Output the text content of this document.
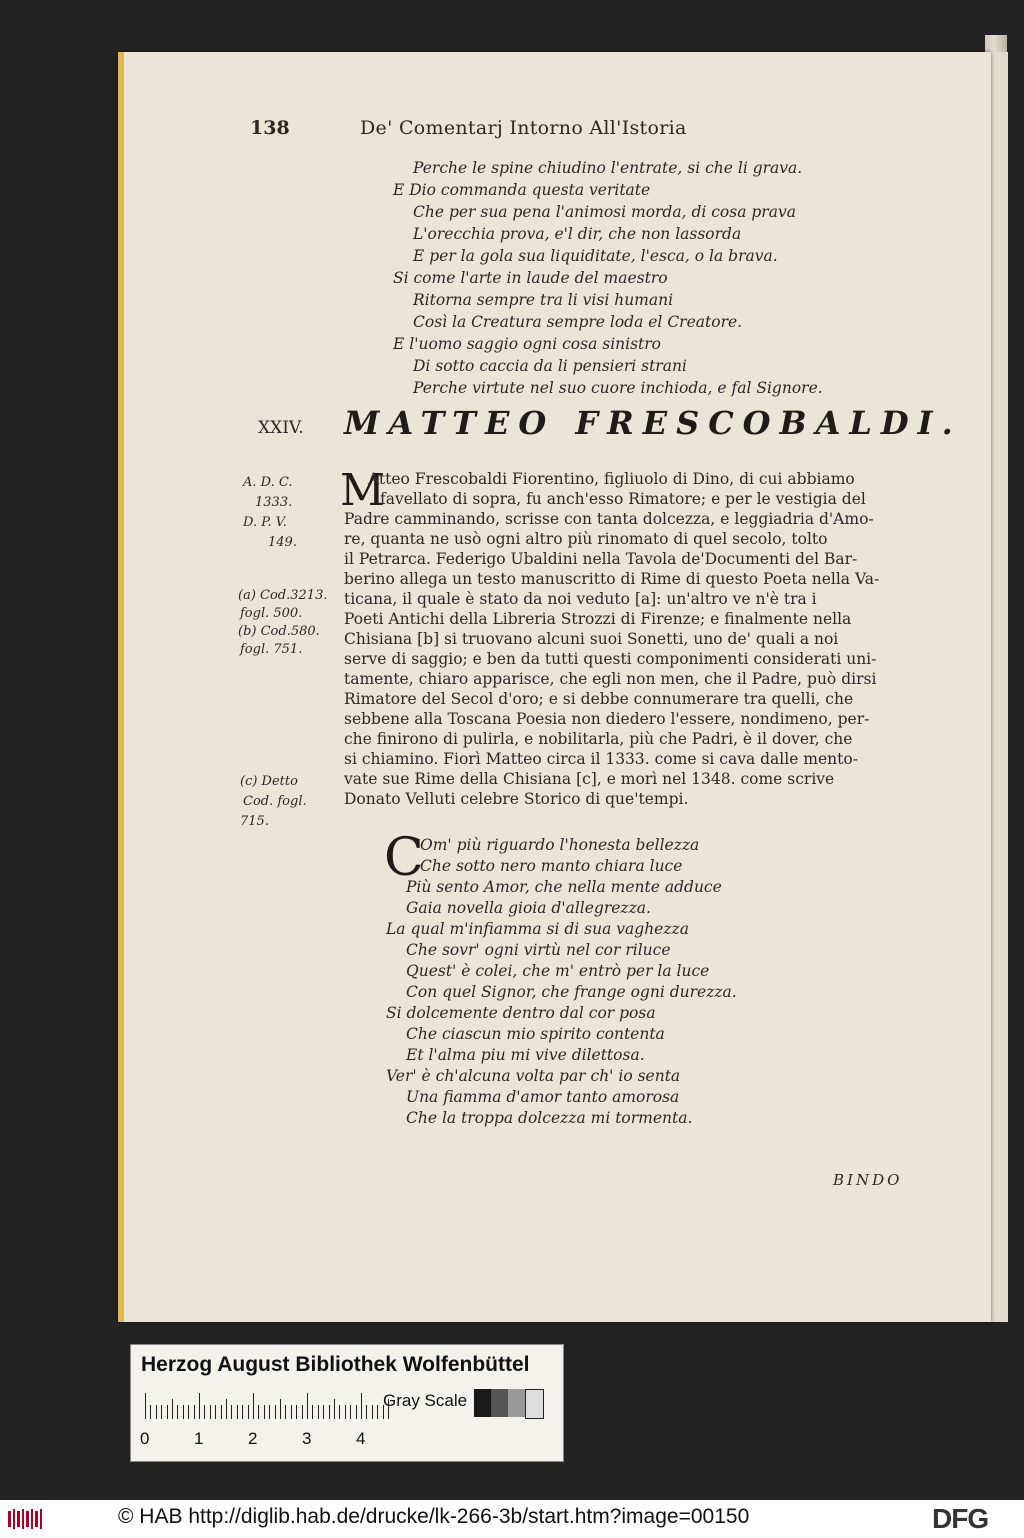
138	De' Comentarj Intorno All'Istoria
Perche le spine chiudino l'entrate, si che li grava.
E Dio commanda questa veritate
Che per sua pena l'animosi morda, di cosa prava
L'orecchia prova, e'l dir, che non lassorda
E per la gola sua liquiditate, l'esca, o la brava.
Si come l'arte in laude del maestro
Ritorna sempre tra li visi humani
Così la Creatura sempre loda el Creatore.
E l'uomo saggio ogni cosa sinistro
Di sotto caccia da li pensieri strani
Perche virtute nel suo cuore inchioda, e fal Signore.
XXIV. MATTEO FRESCOBALDI.
A. D. C.
1333.
D. P. V.
149.
(a) Cod.3213.
fogl. 500.
(b) Cod.580.
fogl. 751.
(c) Detto
Cod. fogl.
715.
M
Atteo Frescobaldi Fiorentino, figliuolo di Dino, di cui abbiamo
favellato di sopra, fu anch'esso Rimatore; e per le vestigia del
Padre camminando, scrisse con tanta dolcezza, e leggiadria d'Amo-
re, quanta ne usò ogni altro più rinomato di quel secolo, tolto
il Petrarca. Federigo Ubaldini nella Tavola de'Documenti del Bar-
berino allega un testo manuscritto di Rime di questo Poeta nella Va-
ticana, il quale è stato da noi veduto [a]: un'altro ve n'è tra i
Poeti Antichi della Libreria Strozzi di Firenze; e finalmente nella
Chisiana [b] si truovano alcuni suoi Sonetti, uno de' quali a noi
serve di saggio; e ben da tutti questi componimenti considerati uni-
tamente, chiaro apparisce, che egli non men, che il Padre, può dirsi
Rimatore del Secol d'oro; e si debbe connumerare tra quelli, che
sebbene alla Toscana Poesia non diedero l'essere, nondimeno, per-
che finirono di pulirla, e nobilitarla, più che Padri, è il dover, che
si chiamino. Fiorì Matteo circa il 1333. come si cava dalle mento-
vate sue Rime della Chisiana [c], e morì nel 1348. come scrive
Donato Velluti celebre Storico di que'tempi.
C
Om' più riguardo l'honesta bellezza
Che sotto nero manto chiara luce
Più sento Amor, che nella mente adduce
Gaia novella gioia d'allegrezza.
La qual m'infiamma si di sua vaghezza
Che sovr' ogni virtù nel cor riluce
Quest' è colei, che m' entrò per la luce
Con quel Signor, che frange ogni durezza.
Si dolcemente dentro dal cor posa
Che ciascun mio spirito contenta
Et l'alma piu mi vive dilettosa.
Ver' è ch'alcuna volta par ch' io senta
Una fiamma d'amor tanto amorosa
Che la troppa dolcezza mi tormenta.
BINDO
Herzog August Bibliothek Wolfenbüttel
0	1	2	3	4
Gray Scale
© HAB http://diglib.hab.de/drucke/lk-266-3b/start.htm?image=00150	DFG
